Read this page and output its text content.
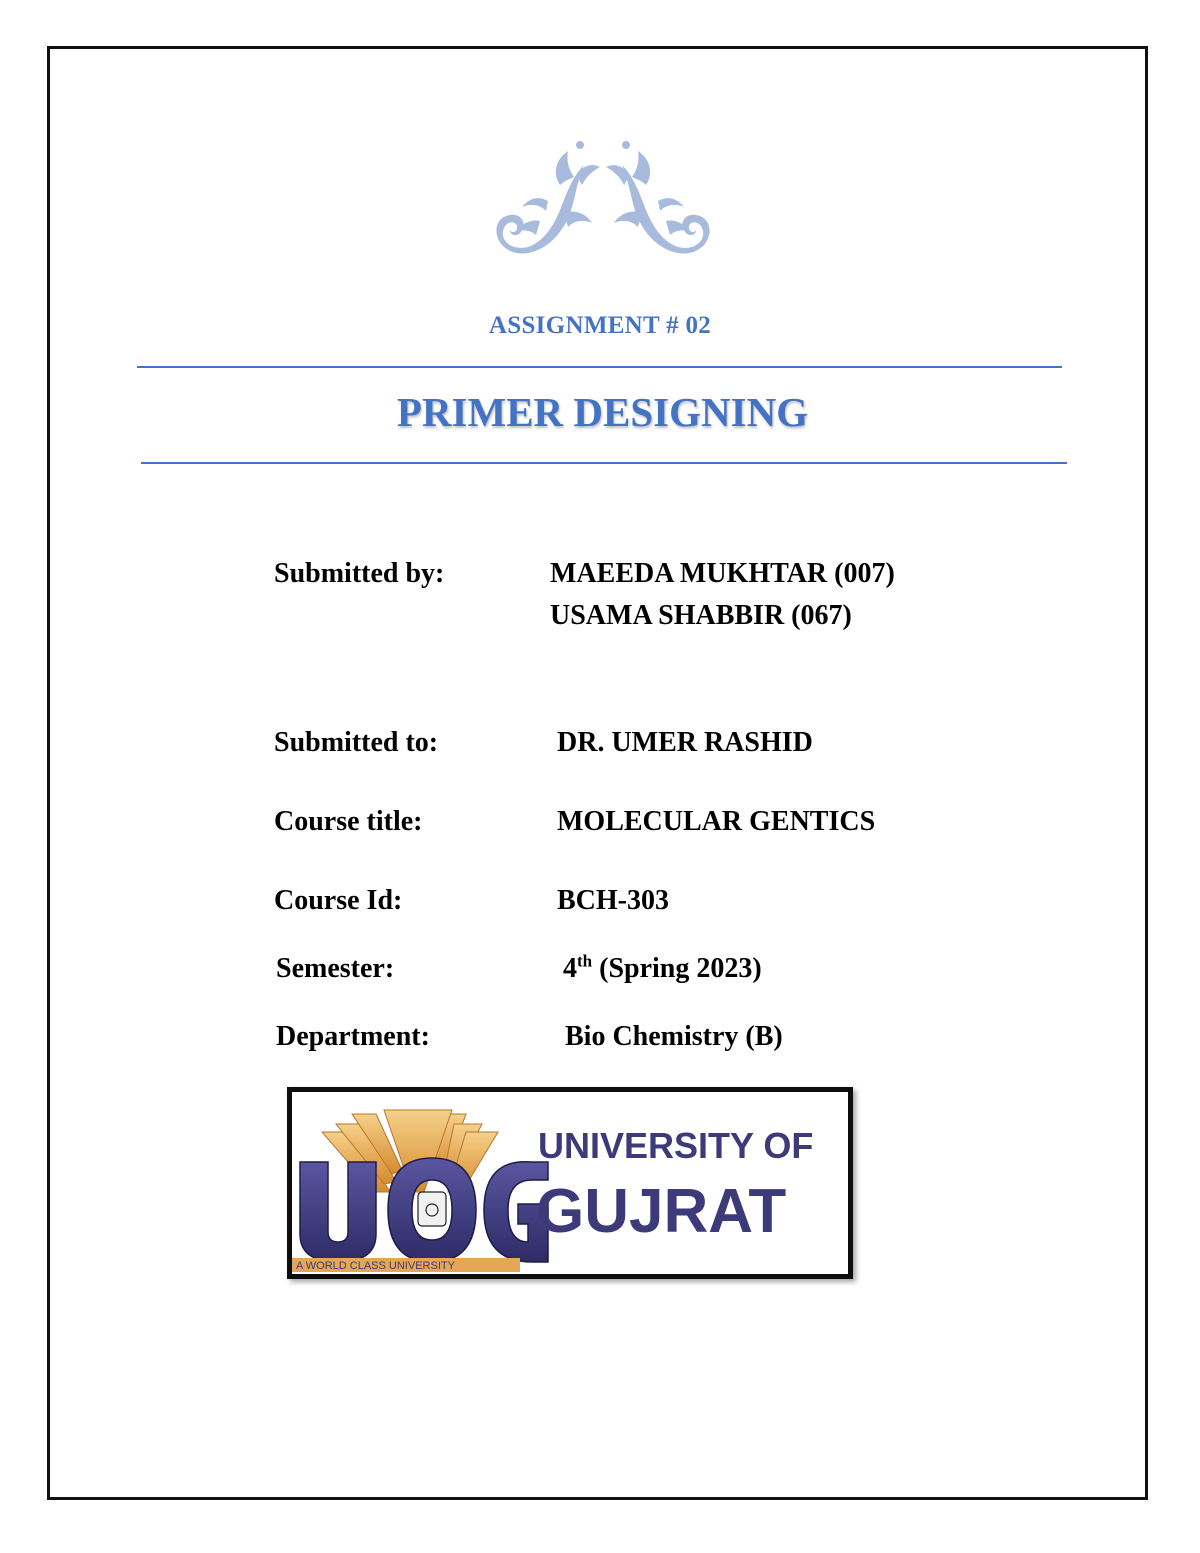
ASSIGNMENT # 02
PRIMER DESIGNING
Submitted by:	MAEEDA MUKHTAR (007)
USAMA SHABBIR (067)
Submitted to:	DR. UMER RASHID
Course title:	MOLECULAR GENTICS
Course Id:	BCH-303
Semester:	4th (Spring 2023)
Department:	Bio Chemistry (B)
A WORLD CLASS UNIVERSITY
UNIVERSITY OF
GUJRAT
